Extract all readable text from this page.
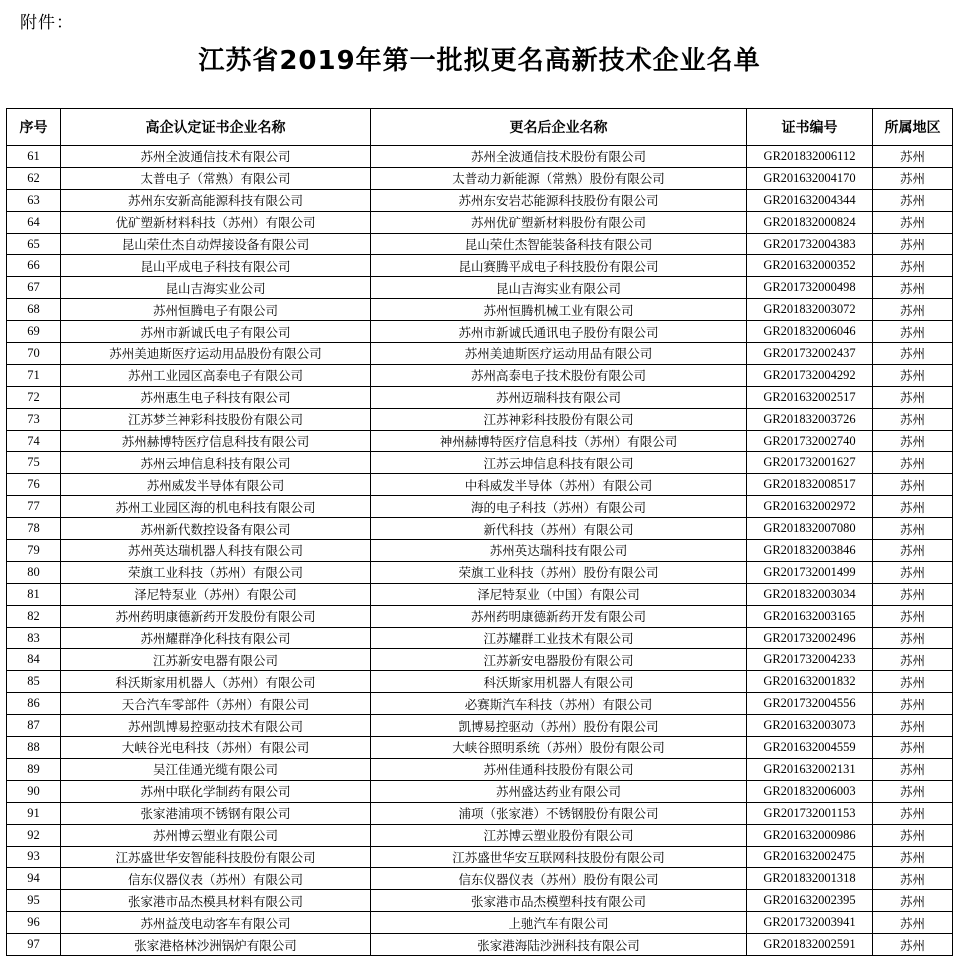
附件：
江苏省2019年第一批拟更名高新技术企业名单
序号	高企认定证书企业名称	更名后企业名称	证书编号	所属地区
61	苏州全波通信技术有限公司	苏州全波通信技术股份有限公司	GR201832006112	苏州
62	太普电子（常熟）有限公司	太普动力新能源（常熟）股份有限公司	GR201632004170	苏州
63	苏州东安新高能源科技有限公司	苏州东安岩芯能源科技股份有限公司	GR201632004344	苏州
64	优矿塑新材料科技（苏州）有限公司	苏州优矿塑新材料股份有限公司	GR201832000824	苏州
65	昆山荣仕杰自动焊接设备有限公司	昆山荣仕杰智能装备科技有限公司	GR201732004383	苏州
66	昆山平成电子科技有限公司	昆山赛腾平成电子科技股份有限公司	GR201632000352	苏州
67	昆山吉海实业公司	昆山吉海实业有限公司	GR201732000498	苏州
68	苏州恒腾电子有限公司	苏州恒腾机械工业有限公司	GR201832003072	苏州
69	苏州市新诚氏电子有限公司	苏州市新诚氏通讯电子股份有限公司	GR201832006046	苏州
70	苏州美迪斯医疗运动用品股份有限公司	苏州美迪斯医疗运动用品有限公司	GR201732002437	苏州
71	苏州工业园区高泰电子有限公司	苏州高泰电子技术股份有限公司	GR201732004292	苏州
72	苏州惠生电子科技有限公司	苏州迈瑞科技有限公司	GR201632002517	苏州
73	江苏梦兰神彩科技股份有限公司	江苏神彩科技股份有限公司	GR201832003726	苏州
74	苏州赫博特医疗信息科技有限公司	神州赫博特医疗信息科技（苏州）有限公司	GR201732002740	苏州
75	苏州云坤信息科技有限公司	江苏云坤信息科技有限公司	GR201732001627	苏州
76	苏州威发半导体有限公司	中科威发半导体（苏州）有限公司	GR201832008517	苏州
77	苏州工业园区海的机电科技有限公司	海的电子科技（苏州）有限公司	GR201632002972	苏州
78	苏州新代数控设备有限公司	新代科技（苏州）有限公司	GR201832007080	苏州
79	苏州英达瑞机器人科技有限公司	苏州英达瑞科技有限公司	GR201832003846	苏州
80	荣旗工业科技（苏州）有限公司	荣旗工业科技（苏州）股份有限公司	GR201732001499	苏州
81	泽尼特泵业（苏州）有限公司	泽尼特泵业（中国）有限公司	GR201832003034	苏州
82	苏州药明康德新药开发股份有限公司	苏州药明康德新药开发有限公司	GR201632003165	苏州
83	苏州耀群净化科技有限公司	江苏耀群工业技术有限公司	GR201732002496	苏州
84	江苏新安电器有限公司	江苏新安电器股份有限公司	GR201732004233	苏州
85	科沃斯家用机器人（苏州）有限公司	科沃斯家用机器人有限公司	GR201632001832	苏州
86	天合汽车零部件（苏州）有限公司	必赛斯汽车科技（苏州）有限公司	GR201732004556	苏州
87	苏州凯博易控驱动技术有限公司	凯博易控驱动（苏州）股份有限公司	GR201632003073	苏州
88	大峡谷光电科技（苏州）有限公司	大峡谷照明系统（苏州）股份有限公司	GR201632004559	苏州
89	吴江佳通光缆有限公司	苏州佳通科技股份有限公司	GR201632002131	苏州
90	苏州中联化学制药有限公司	苏州盛达药业有限公司	GR201832006003	苏州
91	张家港浦项不锈钢有限公司	浦项（张家港）不锈钢股份有限公司	GR201732001153	苏州
92	苏州博云塑业有限公司	江苏博云塑业股份有限公司	GR201632000986	苏州
93	江苏盛世华安智能科技股份有限公司	江苏盛世华安互联网科技股份有限公司	GR201632002475	苏州
94	信东仪器仪表（苏州）有限公司	信东仪器仪表（苏州）股份有限公司	GR201832001318	苏州
95	张家港市品杰模具材料有限公司	张家港市品杰模塑科技有限公司	GR201632002395	苏州
96	苏州益茂电动客车有限公司	上驰汽车有限公司	GR201732003941	苏州
97	张家港格林沙洲锅炉有限公司	张家港海陆沙洲科技有限公司	GR201832002591	苏州
